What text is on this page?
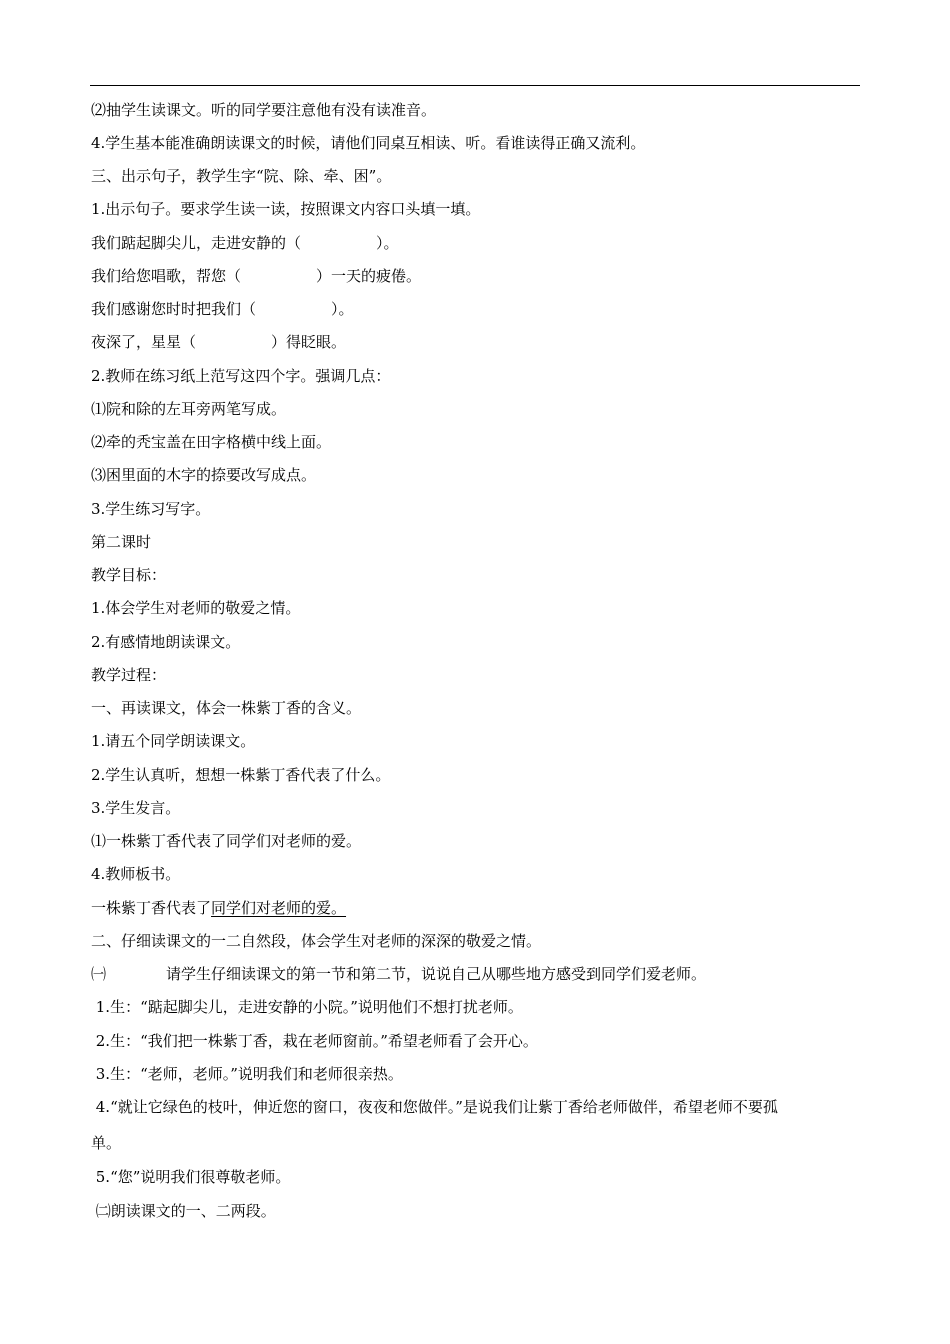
⑵抽学生读课文。听的同学要注意他有没有读准音。
4.学生基本能准确朗读课文的时候，请他们同桌互相读、听。看谁读得正确又流利。
三、出示句子，教学生字“院、除、牵、困”。
1.出示句子。要求学生读一读，按照课文内容口头填一填。
我们踮起脚尖儿，走进安静的（　　　　　）。
我们给您唱歌，帮您（　　　　　）一天的疲倦。
我们感谢您时时把我们（　　　　　）。
夜深了，星星（　　　　　）得眨眼。
2.教师在练习纸上范写这四个字。强调几点：
⑴院和除的左耳旁两笔写成。
⑵牵的秃宝盖在田字格横中线上面。
⑶困里面的木字的捺要改写成点。
3.学生练习写字。
第二课时
教学目标：
1.体会学生对老师的敬爱之情。
2.有感情地朗读课文。
教学过程：
一、再读课文，体会一株紫丁香的含义。
1.请五个同学朗读课文。
2.学生认真听，想想一株紫丁香代表了什么。
3.学生发言。
⑴一株紫丁香代表了同学们对老师的爱。
4.教师板书。
一株紫丁香代表了同学们对老师的爱。
二、仔细读课文的一二自然段，体会学生对老师的深深的敬爱之情。
㈠　　　　请学生仔细读课文的第一节和第二节，说说自己从哪些地方感受到同学们爱老师。
1.生：“踮起脚尖儿，走进安静的小院。”说明他们不想打扰老师。
2.生：“我们把一株紫丁香，栽在老师窗前。”希望老师看了会开心。
3.生：“老师，老师。”说明我们和老师很亲热。
4.“就让它绿色的枝叶，伸近您的窗口，夜夜和您做伴。”是说我们让紫丁香给老师做伴，希望老师不要孤
单。
5.“您”说明我们很尊敬老师。
㈡朗读课文的一、二两段。
